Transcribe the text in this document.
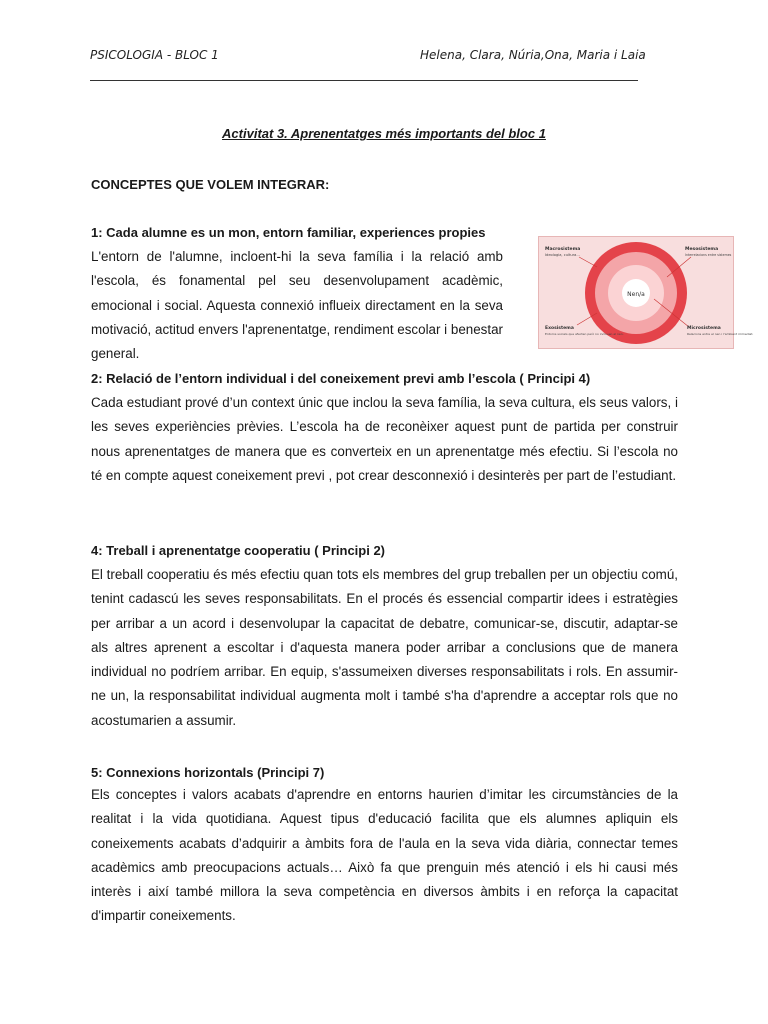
PSICOLOGIA - BLOC 1	Helena, Clara, Núria,Ona, Maria i Laia
Activitat 3. Aprenentatges més importants del bloc 1
CONCEPTES QUE VOLEM INTEGRAR:
1: Cada alumne es un mon, entorn familiar, experiences propies

L'entorn de l'alumne, incloent-hi la seva família i la relació amb l'escola, és fonamental pel seu desenvolupament acadèmic, emocional i social. Aquesta connexió influeix directament en la seva motivació, actitud envers l'aprenentatge, rendiment escolar i benestar general.

Nen/a
Macrosistema
Ideologia, cultura...
Mesosistema
Interrelacions entre sistemes
Exosistema
Entorns socials que afecten però no inclouen el nen.
Microsistema
Relacions entre el nen i l'ambient immediat.
2: Relació de l’entorn individual i del coneixement previ amb l’escola ( Principi 4)

Cada estudiant prové d’un context únic que inclou la seva família, la seva cultura, els seus valors, i les seves experiències prèvies. L’escola ha de reconèixer aquest punt de partida per construir nous aprenentatges de manera que es converteix en un aprenentatge més efectiu. Si l’escola no té en compte aquest coneixement previ , pot crear desconnexió i desinterès per part de l’estudiant.

4: Treball i aprenentatge cooperatiu ( Principi 2)

El treball cooperatiu és més efectiu quan tots els membres del grup treballen per un objectiu comú, tenint cadascú les seves responsabilitats. En el procés és essencial compartir idees i estratègies per arribar a un acord i desenvolupar la capacitat de debatre, comunicar-se, discutir, adaptar-se als altres aprenent a escoltar i d'aquesta manera poder arribar a conclusions que de manera individual no podríem arribar. En equip, s'assumeixen diverses responsabilitats i rols. En assumir-ne un, la responsabilitat individual augmenta molt i també s'ha d'aprendre a acceptar rols que no acostumarien a assumir.

5: Connexions horizontals (Principi 7)

Els conceptes i valors acabats d'aprendre en entorns haurien d’imitar les circumstàncies de la realitat i la vida quotidiana. Aquest tipus d'educació facilita que els alumnes apliquin els coneixements acabats d’adquirir a àmbits fora de l'aula en la seva vida diària, connectar temes acadèmics amb preocupacions actuals… Això fa que prenguin més atenció i els hi causi més interès i així també millora la seva competència en diversos àmbits i en reforça la capacitat d'impartir coneixements.
